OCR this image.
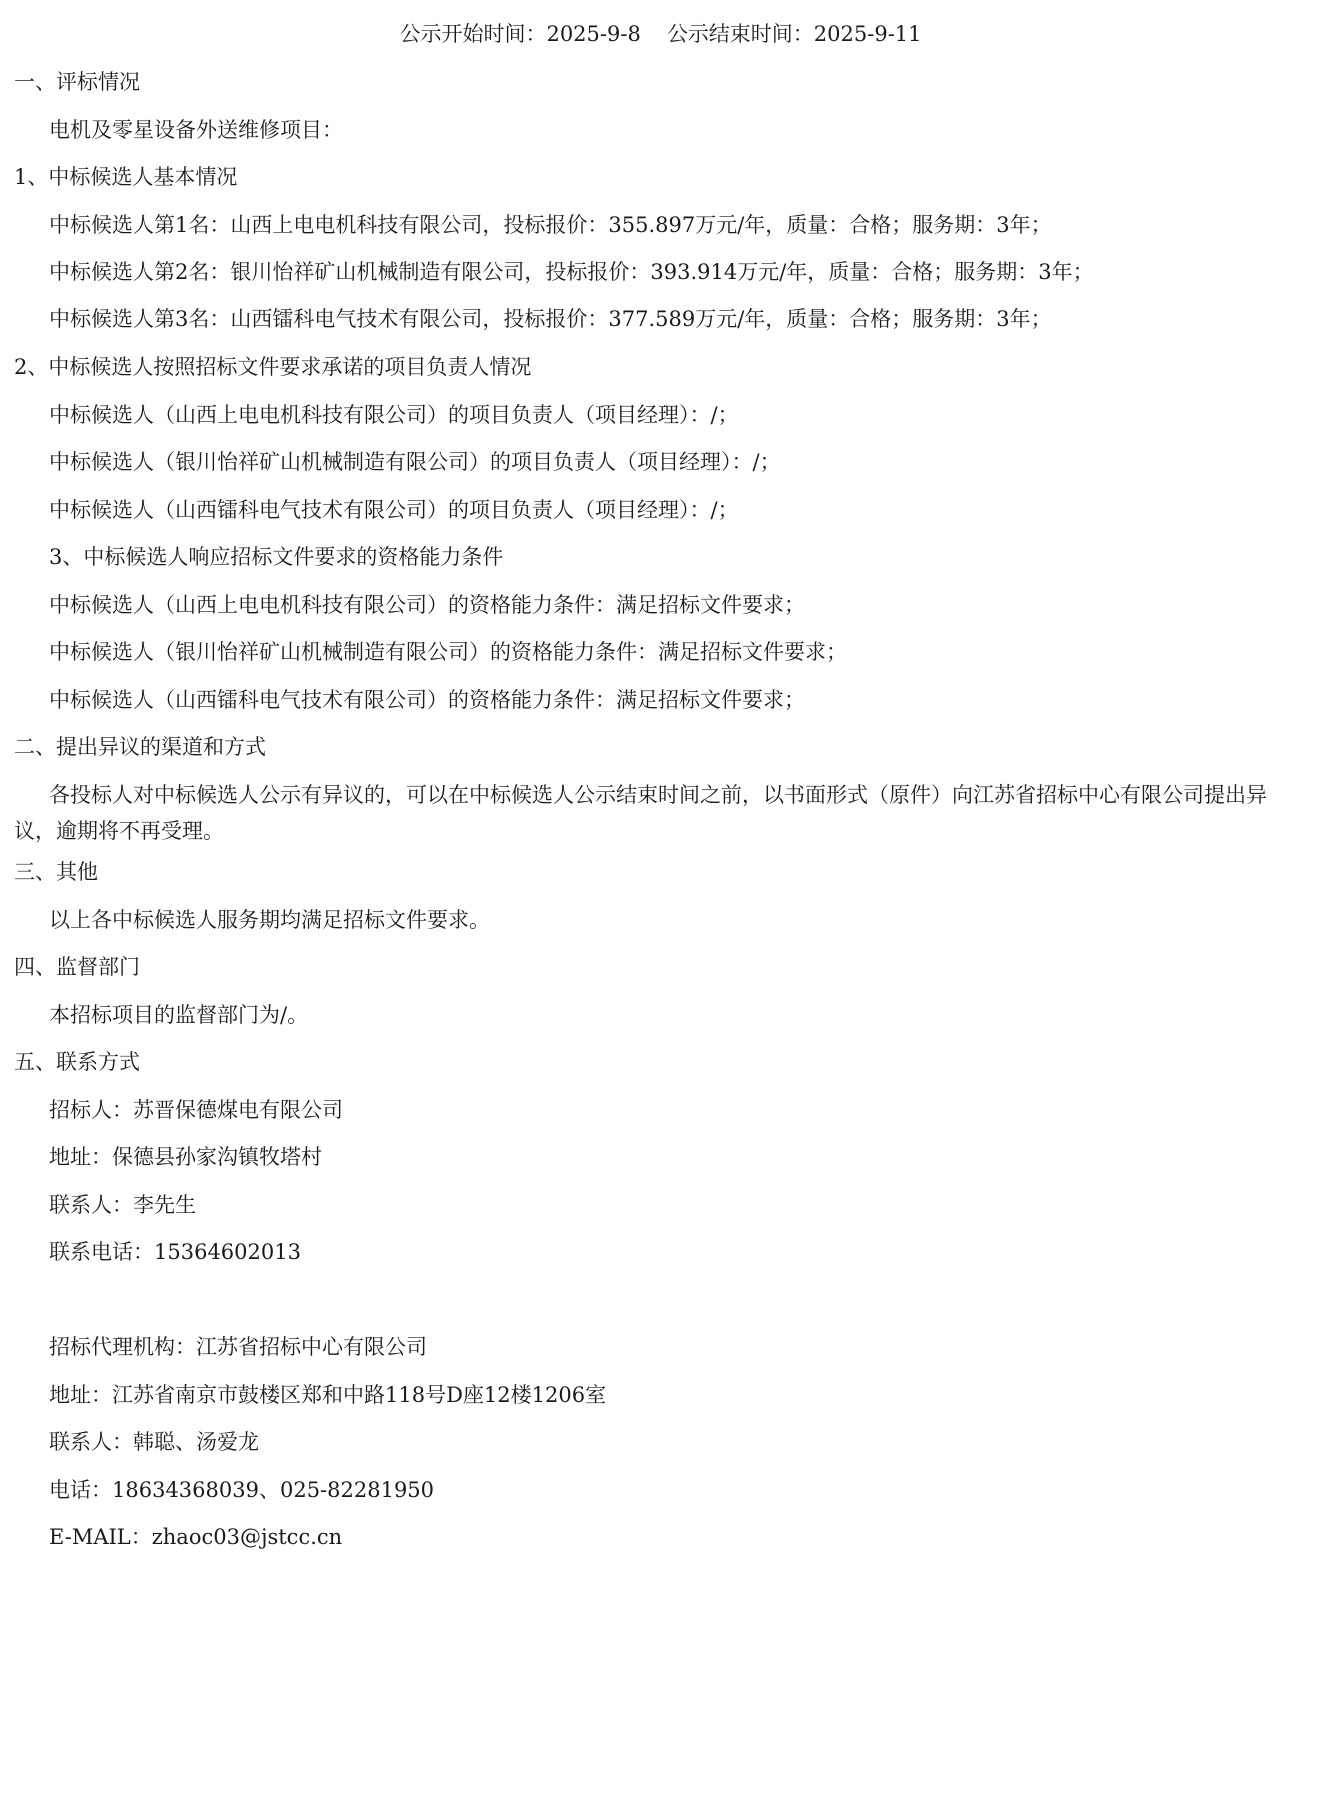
公示开始时间：2025-9-8 公示结束时间：2025-9-11
一、评标情况
电机及零星设备外送维修项目：
1、中标候选人基本情况
中标候选人第1名：山西上电电机科技有限公司，投标报价：355.897万元/年，质量：合格；服务期：3年；
中标候选人第2名：银川怡祥矿山机械制造有限公司，投标报价：393.914万元/年，质量：合格；服务期：3年；
中标候选人第3名：山西镭科电气技术有限公司，投标报价：377.589万元/年，质量：合格；服务期：3年；
2、中标候选人按照招标文件要求承诺的项目负责人情况
中标候选人（山西上电电机科技有限公司）的项目负责人（项目经理）：/；
中标候选人（银川怡祥矿山机械制造有限公司）的项目负责人（项目经理）：/；
中标候选人（山西镭科电气技术有限公司）的项目负责人（项目经理）：/；
3、中标候选人响应招标文件要求的资格能力条件
中标候选人（山西上电电机科技有限公司）的资格能力条件：满足招标文件要求；
中标候选人（银川怡祥矿山机械制造有限公司）的资格能力条件：满足招标文件要求；
中标候选人（山西镭科电气技术有限公司）的资格能力条件：满足招标文件要求；
二、提出异议的渠道和方式
各投标人对中标候选人公示有异议的，可以在中标候选人公示结束时间之前，以书面形式（原件）向江苏省招标中心有限公司提出异议，逾期将不再受理。
三、其他
以上各中标候选人服务期均满足招标文件要求。
四、监督部门
本招标项目的监督部门为/。
五、联系方式
招标人：苏晋保德煤电有限公司
地址：保德县孙家沟镇牧塔村
联系人：李先生
联系电话：15364602013
招标代理机构：江苏省招标中心有限公司
地址：江苏省南京市鼓楼区郑和中路118号D座12楼1206室
联系人：韩聪、汤爱龙
电话：18634368039、025-82281950
E-MAIL：zhaoc03@jstcc.cn
